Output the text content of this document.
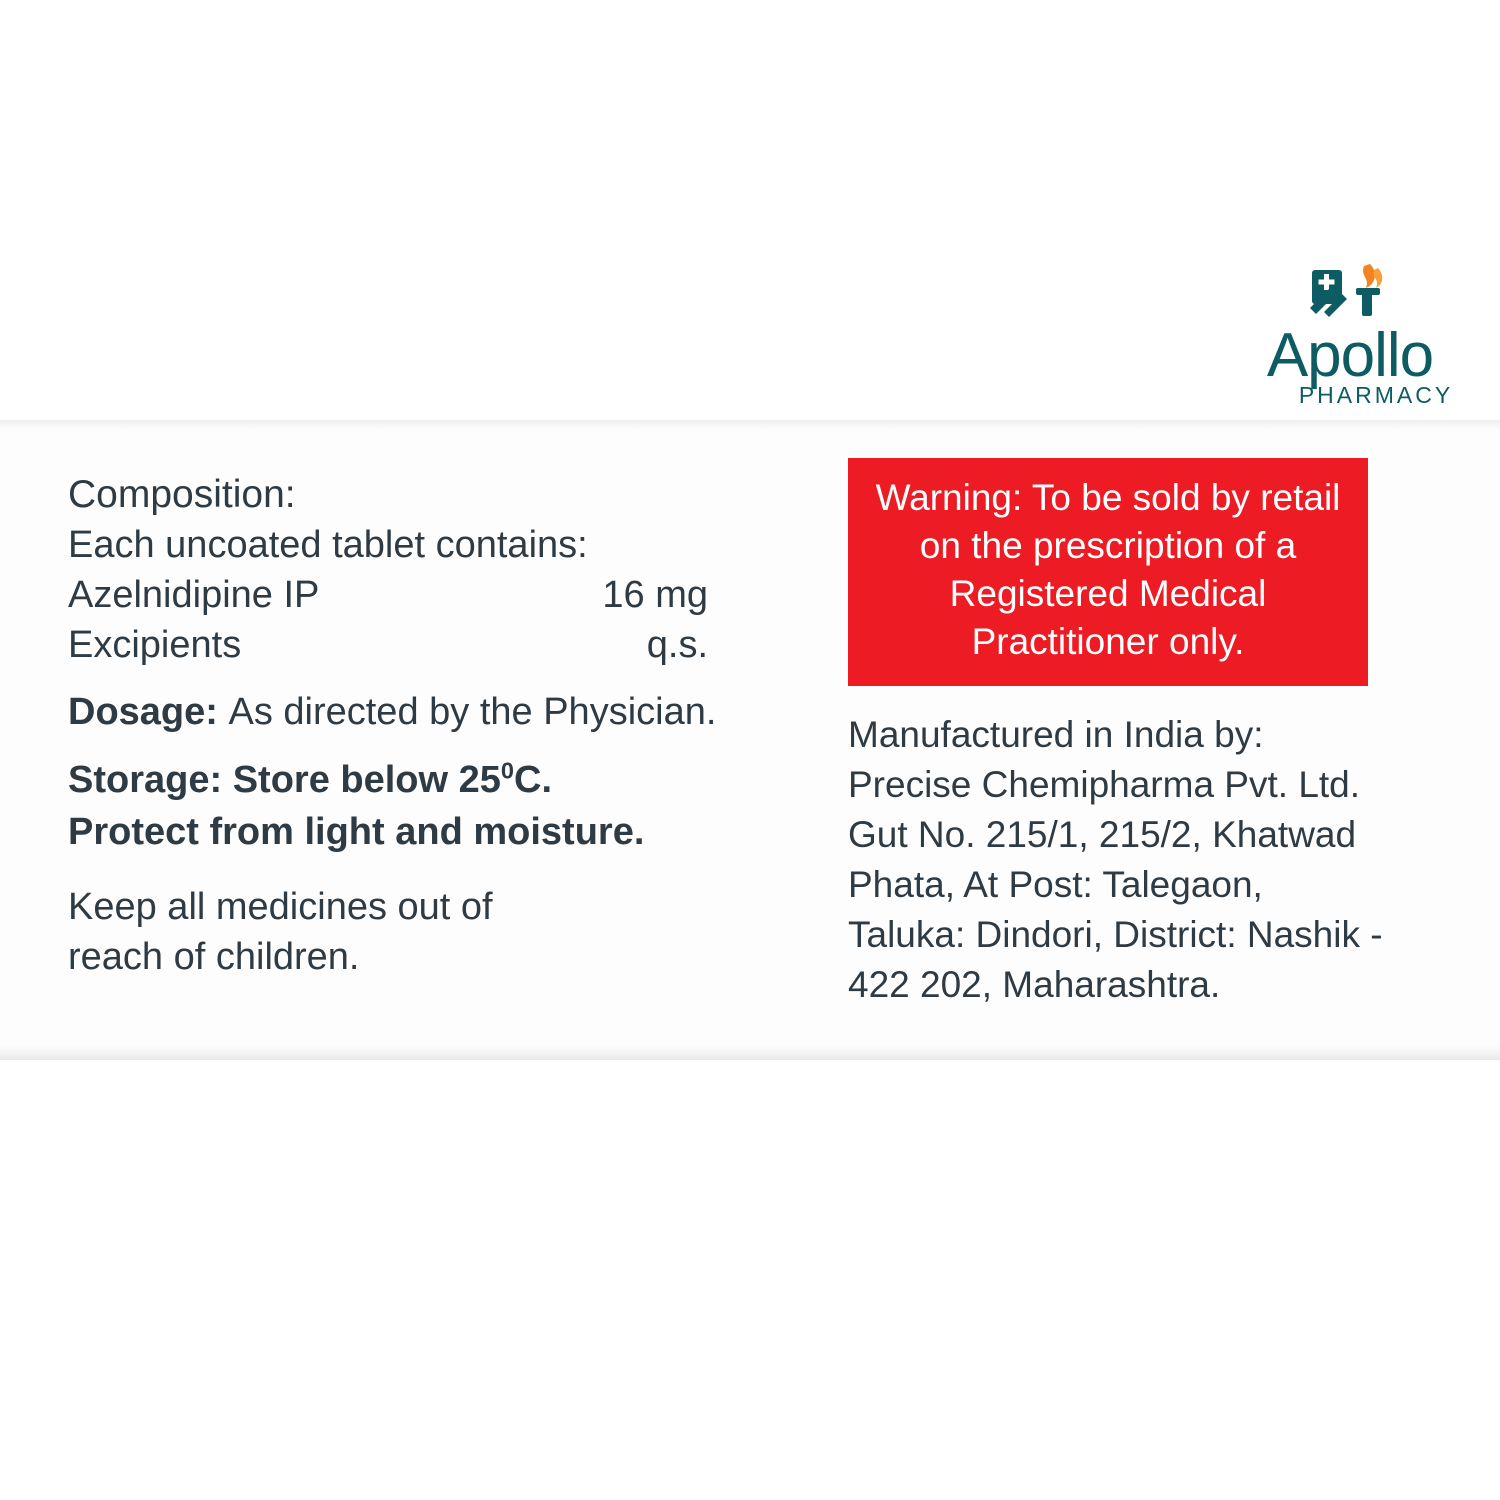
Apollo
PHARMACY
Composition:
Each uncoated tablet contains:
Azelnidipine IP	16 mg
Excipients	q.s.
Dosage: As directed by the Physician.
Storage: Store below $25^0C$.
Protect from light and moisture.
Keep all medicines out of
reach of children.
Warning: To be sold by retail on the prescription of a Registered Medical Practitioner only.
Manufactured in India by:
Precise Chemipharma Pvt. Ltd.
Gut No. 215/1, 215/2, Khatwad
Phata, At Post: Talegaon,
Taluka: Dindori, District: Nashik -
422 202, Maharashtra.
